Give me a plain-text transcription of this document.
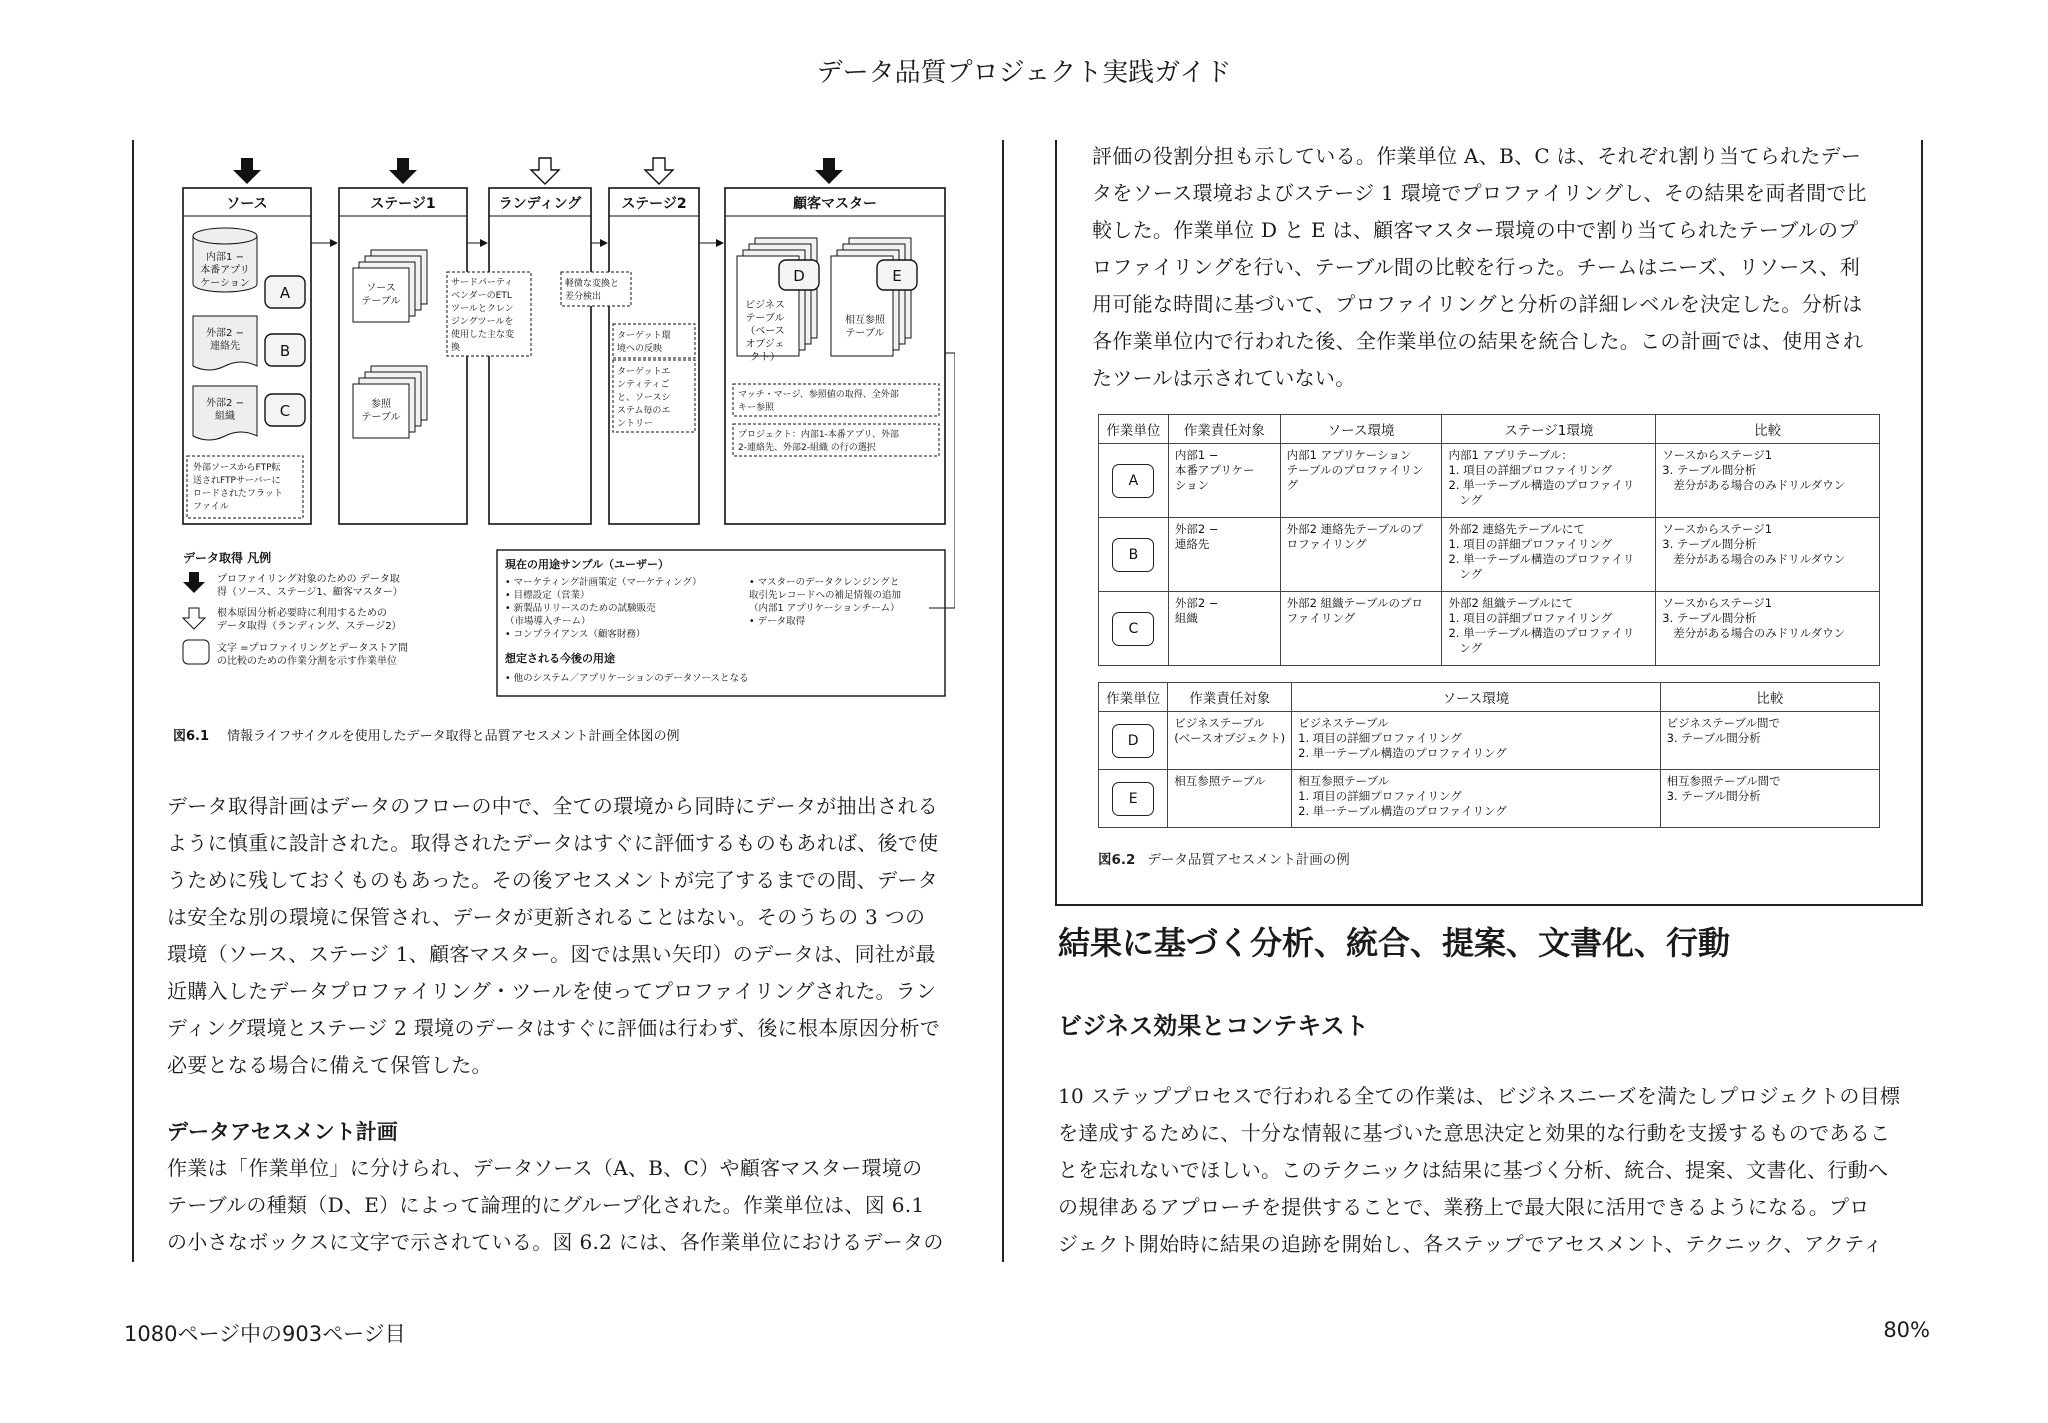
データ品質プロジェクト実践ガイド
ソース	ステージ1	ランディング	ステージ2	顧客マスター
内部1 −
本番アプリ
ケーション
外部2 −
連絡先
外部2 −
組織
A
B
C
外部ソースからFTP転
送されFTPサーバーに
ロードされたフラット
ファイル
ソース
テーブル
参照
テーブル
サードパーティ
ベンダーのETL
ツールとクレン
ジングツールを
使用した主な変
換
軽微な変換と
差分検出
ターゲット環
境への反映
ターゲットエ
ンティティご
と、ソースシ
ステム毎のエ
ントリー
ビジネス
テーブル
（ベース
オブジェ
クト）
相互参照
テーブル
D	E
マッチ・マージ、参照値の取得、全外部
キー参照
プロジェクト：内部1-本番アプリ、外部
2-連絡先、外部2-組織 の行の選択
データ取得 凡例
プロファイリング対象のための データ取
得（ソース、ステージ1、顧客マスター）
根本原因分析必要時に利用するための
データ取得（ランディング、ステージ2）
文字 =プロファイリングとデータストア間
の比較のための作業分割を示す作業単位
現在の用途サンプル（ユーザー）
• マーケティング計画策定（マーケティング）
• 目標設定（営業）
• 新製品リリースのための試験販売
（市場導入チーム）
• コンプライアンス（顧客財務）
• マスターのデータクレンジングと
取引先レコードへの補足情報の追加
（内部1 アプリケーションチーム）
• データ取得
想定される今後の用途
• 他のシステム／アプリケーションのデータソースとなる
図6.1 情報ライフサイクルを使用したデータ取得と品質アセスメント計画全体図の例

データ取得計画はデータのフローの中で、全ての環境から同時にデータが抽出される

ように慎重に設計された。取得されたデータはすぐに評価するものもあれば、後で使

うために残しておくものもあった。その後アセスメントが完了するまでの間、データ

は安全な別の環境に保管され、データが更新されることはない。そのうちの 3 つの

環境（ソース、ステージ 1、顧客マスター。図では黒い矢印）のデータは、同社が最

近購入したデータプロファイリング・ツールを使ってプロファイリングされた。ラン

ディング環境とステージ 2 環境のデータはすぐに評価は行わず、後に根本原因分析で

必要となる場合に備えて保管した。

データアセスメント計画

作業は「作業単位」に分けられ、データソース（A、B、C）や顧客マスター環境の

テーブルの種類（D、E）によって論理的にグループ化された。作業単位は、図 6.1

の小さなボックスに文字で示されている。図 6.2 には、各作業単位におけるデータの

評価の役割分担も示している。作業単位 A、B、C は、それぞれ割り当てられたデー

タをソース環境およびステージ 1 環境でプロファイリングし、その結果を両者間で比

較した。作業単位 D と E は、顧客マスター環境の中で割り当てられたテーブルのプ

ロファイリングを行い、テーブル間の比較を行った。チームはニーズ、リソース、利

用可能な時間に基づいて、プロファイリングと分析の詳細レベルを決定した。分析は

各作業単位内で行われた後、全作業単位の結果を統合した。この計画では、使用され

たツールは示されていない。

作業単位	作業責任対象	ソース環境	ステージ1環境	比較
A	内部1 −
本番アプリケー
ション	内部1 アプリケーション
テーブルのプロファイリン
グ	内部1 アプリテーブル：
1. 項目の詳細プロファイリング
2. 単一テーブル構造のプロファイリ
ング	ソースからステージ1
3. テーブル間分析
差分がある場合のみドリルダウン
B	外部2 −
連絡先	外部2 連絡先テーブルのプ
ロファイリング	外部2 連絡先テーブルにて
1. 項目の詳細プロファイリング
2. 単一テーブル構造のプロファイリ
ング	ソースからステージ1
3. テーブル間分析
差分がある場合のみドリルダウン
C	外部2 −
組織	外部2 組織テーブルのプロ
ファイリング	外部2 組織テーブルにて
1. 項目の詳細プロファイリング
2. 単一テーブル構造のプロファイリ
ング	ソースからステージ1
3. テーブル間分析
差分がある場合のみドリルダウン
作業単位	作業責任対象	ソース環境	比較
D	ビジネステーブル
(ベースオブジェクト)	ビジネステーブル
1. 項目の詳細プロファイリング
2. 単一テーブル構造のプロファイリング	ビジネステーブル間で
3. テーブル間分析
E	相互参照テーブル	相互参照テーブル
1. 項目の詳細プロファイリング
2. 単一テーブル構造のプロファイリング	相互参照テーブル間で
3. テーブル間分析
図6.2 データ品質アセスメント計画の例
結果に基づく分析、統合、提案、文書化、行動
ビジネス効果とコンテキスト

10 ステッププロセスで行われる全ての作業は、ビジネスニーズを満たしプロジェクトの目標

を達成するために、十分な情報に基づいた意思決定と効果的な行動を支援するものであるこ

とを忘れないでほしい。このテクニックは結果に基づく分析、統合、提案、文書化、行動へ

の規律あるアプローチを提供することで、業務上で最大限に活用できるようになる。プロ

ジェクト開始時に結果の追跡を開始し、各ステップでアセスメント、テクニック、アクティ

1080ページ中の903ページ目	80%
